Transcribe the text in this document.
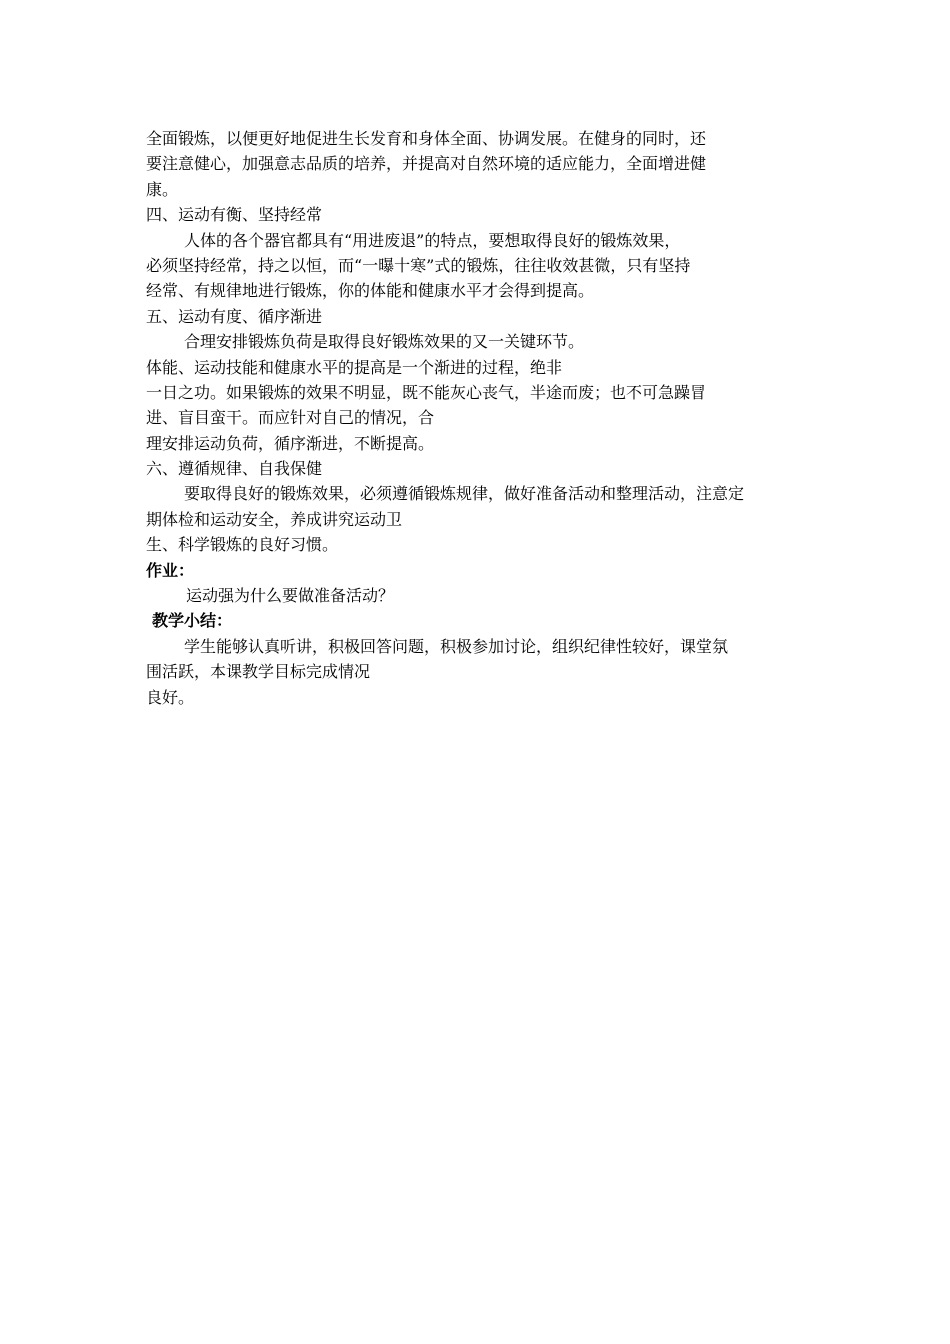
全面锻炼，以便更好地促进生长发育和身体全面、协调发展。在健身的同时，还
要注意健心，加强意志品质的培养，并提高对自然环境的适应能力，全面增进健
康。
四、运动有衡、坚持经常
人体的各个器官都具有“用进废退”的特点，要想取得良好的锻炼效果，
必须坚持经常，持之以恒，而“一曝十寒”式的锻炼，往往收效甚微，只有坚持
经常、有规律地进行锻炼，你的体能和健康水平才会得到提高。
五、运动有度、循序渐进
合理安排锻炼负荷是取得良好锻炼效果的又一关键环节。
体能、运动技能和健康水平的提高是一个渐进的过程，绝非
一日之功。如果锻炼的效果不明显，既不能灰心丧气，半途而废；也不可急躁冒
进、盲目蛮干。而应针对自己的情况，合
理安排运动负荷，循序渐进，不断提高。
六、遵循规律、自我保健
要取得良好的锻炼效果，必须遵循锻炼规律，做好准备活动和整理活动，注意定
期体检和运动安全，养成讲究运动卫
生、科学锻炼的良好习惯。
作业：
运动强为什么要做准备活动？
教学小结：
学生能够认真听讲，积极回答问题，积极参加讨论，组织纪律性较好，课堂氛
围活跃，本课教学目标完成情况
良好。
